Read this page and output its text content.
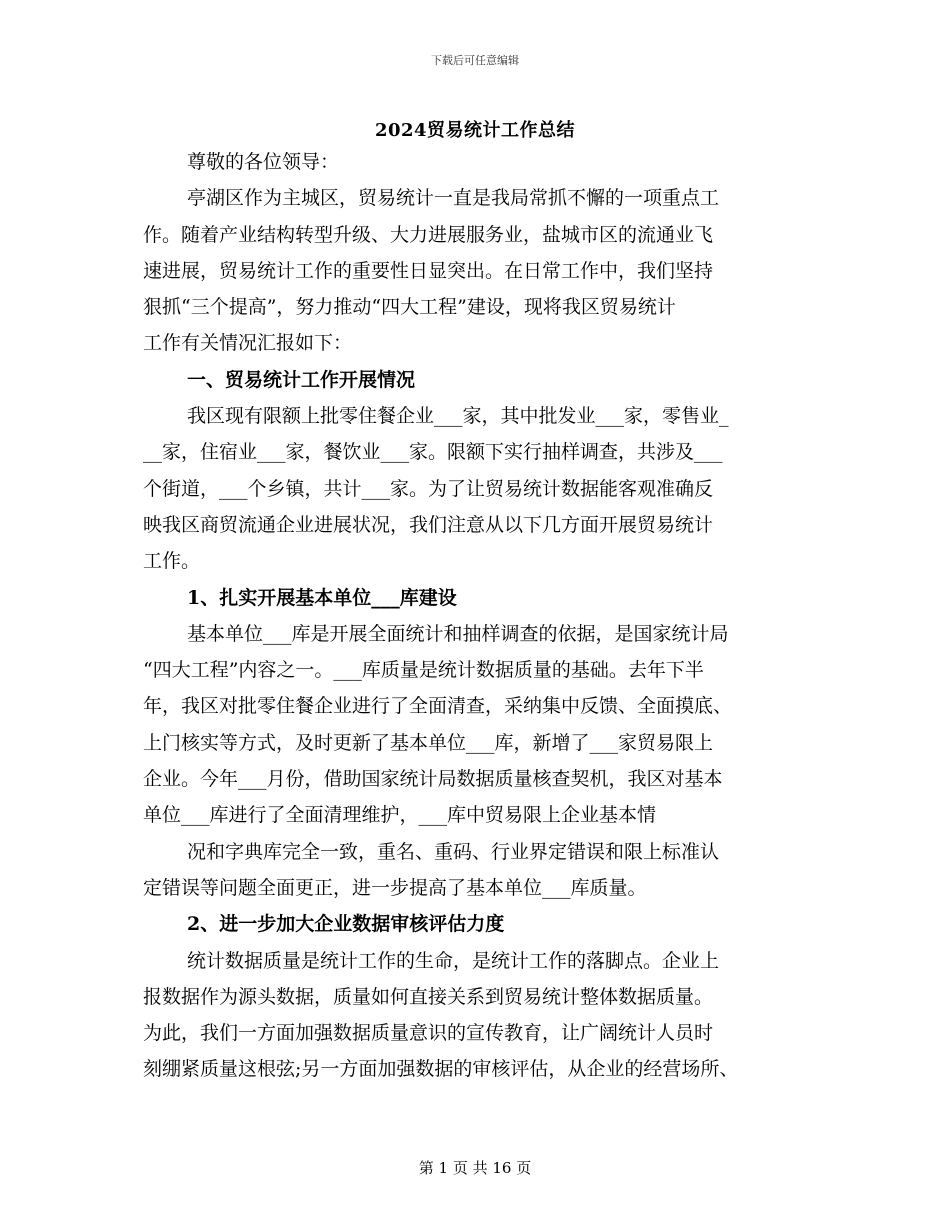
下载后可任意编辑
2024贸易统计工作总结
尊敬的各位领导：
亭湖区作为主城区，贸易统计一直是我局常抓不懈的一项重点工
作。随着产业结构转型升级、大力进展服务业，盐城市区的流通业飞
速进展，贸易统计工作的重要性日显突出。在日常工作中，我们坚持
狠抓“三个提高”，努力推动“四大工程”建设，现将我区贸易统计
工作有关情况汇报如下：
一、贸易统计工作开展情况
我区现有限额上批零住餐企业___家，其中批发业___家，零售业_
__家，住宿业___家，餐饮业___家。限额下实行抽样调查，共涉及___
个街道，___个乡镇，共计___家。为了让贸易统计数据能客观准确反
映我区商贸流通企业进展状况，我们注意从以下几方面开展贸易统计
工作。
1、扎实开展基本单位___库建设
基本单位___库是开展全面统计和抽样调查的依据，是国家统计局
“四大工程”内容之一。___库质量是统计数据质量的基础。去年下半
年，我区对批零住餐企业进行了全面清查，采纳集中反馈、全面摸底、
上门核实等方式，及时更新了基本单位___库，新增了___家贸易限上
企业。今年___月份，借助国家统计局数据质量核查契机，我区对基本
单位___库进行了全面清理维护，___库中贸易限上企业基本情
况和字典库完全一致，重名、重码、行业界定错误和限上标准认
定错误等问题全面更正，进一步提高了基本单位___库质量。
2、进一步加大企业数据审核评估力度
统计数据质量是统计工作的生命，是统计工作的落脚点。企业上
报数据作为源头数据，质量如何直接关系到贸易统计整体数据质量。
为此，我们一方面加强数据质量意识的宣传教育，让广阔统计人员时
刻绷紧质量这根弦;另一方面加强数据的审核评估，从企业的经营场所、
第 1 页 共 16 页
